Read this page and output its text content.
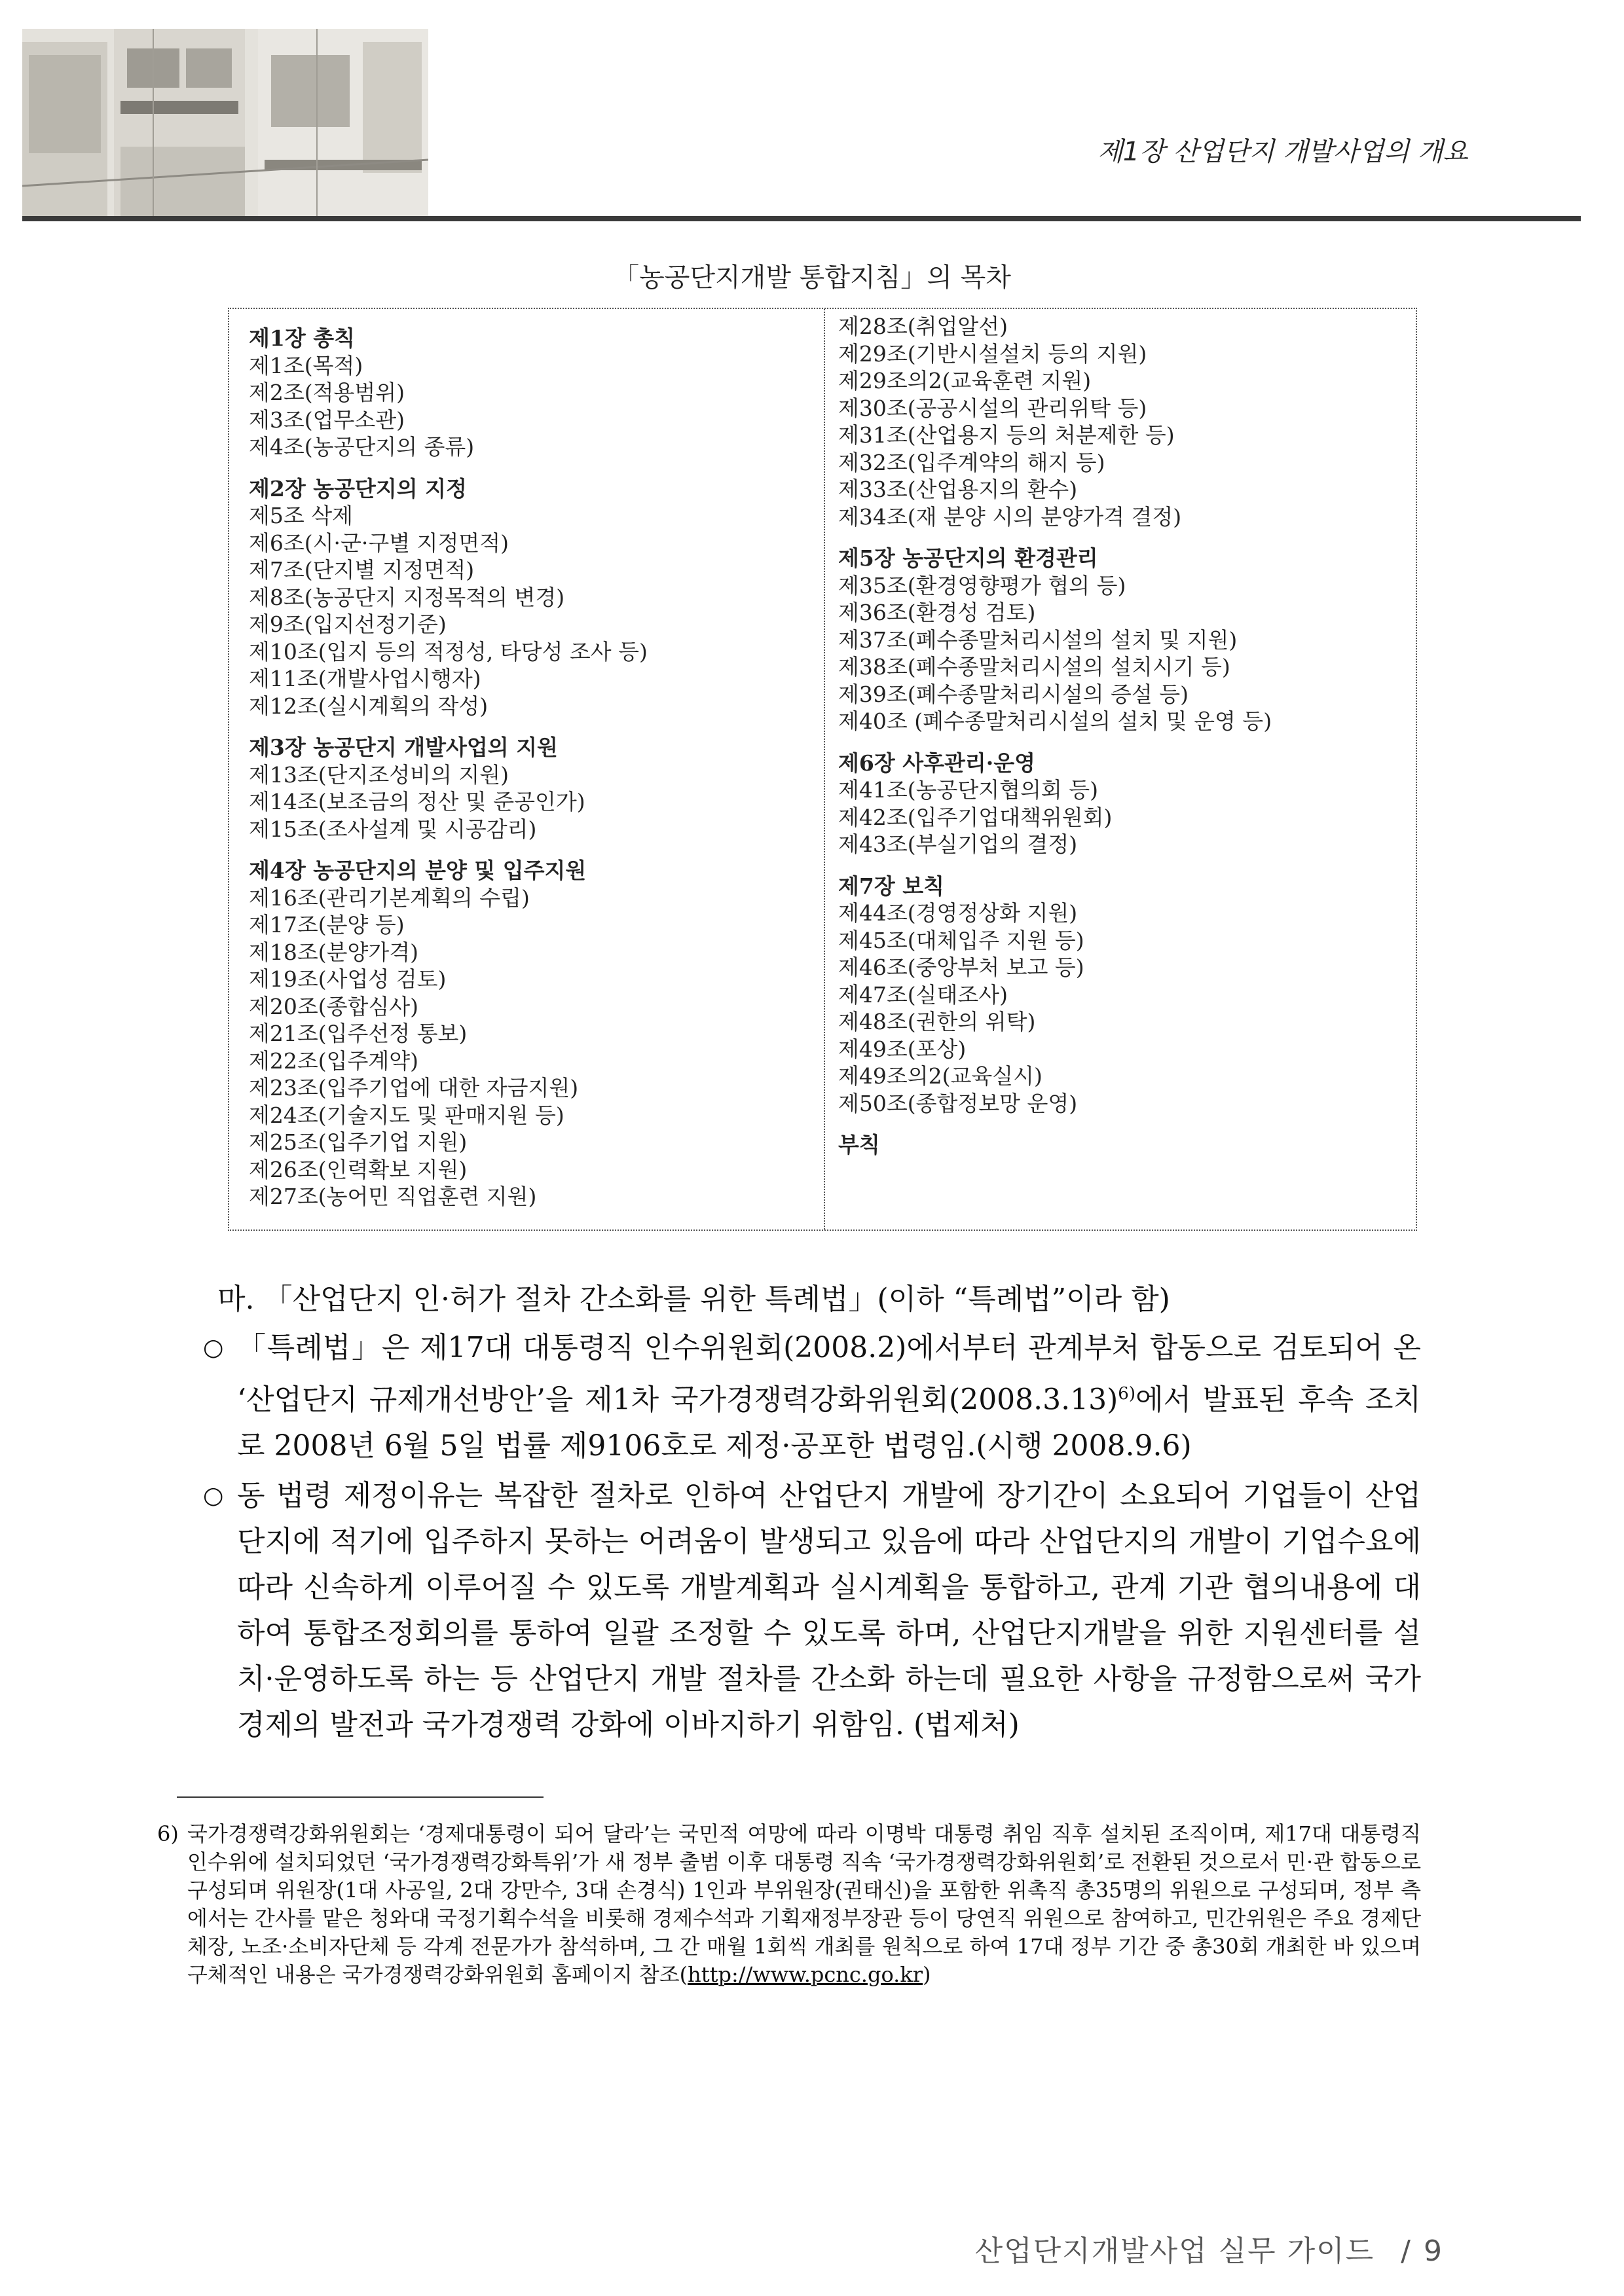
제1장 산업단지 개발사업의 개요
「농공단지개발 통합지침」의 목차
제1장 총칙
제1조(목적)
제2조(적용범위)
제3조(업무소관)
제4조(농공단지의 종류)
제2장 농공단지의 지정
제5조 삭제
제6조(시·군·구별 지정면적)
제7조(단지별 지정면적)
제8조(농공단지 지정목적의 변경)
제9조(입지선정기준)
제10조(입지 등의 적정성, 타당성 조사 등)
제11조(개발사업시행자)
제12조(실시계획의 작성)
제3장 농공단지 개발사업의 지원
제13조(단지조성비의 지원)
제14조(보조금의 정산 및 준공인가)
제15조(조사설계 및 시공감리)
제4장 농공단지의 분양 및 입주지원
제16조(관리기본계획의 수립)
제17조(분양 등)
제18조(분양가격)
제19조(사업성 검토)
제20조(종합심사)
제21조(입주선정 통보)
제22조(입주계약)
제23조(입주기업에 대한 자금지원)
제24조(기술지도 및 판매지원 등)
제25조(입주기업 지원)
제26조(인력확보 지원)
제27조(농어민 직업훈련 지원)
제28조(취업알선)
제29조(기반시설설치 등의 지원)
제29조의2(교육훈련 지원)
제30조(공공시설의 관리위탁 등)
제31조(산업용지 등의 처분제한 등)
제32조(입주계약의 해지 등)
제33조(산업용지의 환수)
제34조(재 분양 시의 분양가격 결정)
제5장 농공단지의 환경관리
제35조(환경영향평가 협의 등)
제36조(환경성 검토)
제37조(폐수종말처리시설의 설치 및 지원)
제38조(폐수종말처리시설의 설치시기 등)
제39조(폐수종말처리시설의 증설 등)
제40조 (폐수종말처리시설의 설치 및 운영 등)
제6장 사후관리·운영
제41조(농공단지협의회 등)
제42조(입주기업대책위원회)
제43조(부실기업의 결정)
제7장 보칙
제44조(경영정상화 지원)
제45조(대체입주 지원 등)
제46조(중앙부처 보고 등)
제47조(실태조사)
제48조(권한의 위탁)
제49조(포상)
제49조의2(교육실시)
제50조(종합정보망 운영)
부칙
마. 「산업단지 인·허가 절차 간소화를 위한 특례법」(이하 “특례법”이라 함)
○ 「특례법」은 제17대 대통령직 인수위원회(2008.2)에서부터 관계부처 합동으로 검토되어 온 ‘산업단지 규제개선방안’을 제1차 국가경쟁력강화위원회$(2008.3.13)^{6)}$에서 발표된 후속 조치로 2008년 6월 5일 법률 제9106호로 제정·공포한 법령임.(시행 2008.9.6)
○ 동 법령 제정이유는 복잡한 절차로 인하여 산업단지 개발에 장기간이 소요되어 기업들이 산업단지에 적기에 입주하지 못하는 어려움이 발생되고 있음에 따라 산업단지의 개발이 기업수요에 따라 신속하게 이루어질 수 있도록 개발계획과 실시계획을 통합하고, 관계 기관 협의내용에 대하여 통합조정회의를 통하여 일괄 조정할 수 있도록 하며, 산업단지개발을 위한 지원센터를 설치·운영하도록 하는 등 산업단지 개발 절차를 간소화 하는데 필요한 사항을 규정함으로써 국가경제의 발전과 국가경쟁력 강화에 이바지하기 위함임. (법제처)
6) 국가경쟁력강화위원회는 ‘경제대통령이 되어 달라’는 국민적 여망에 따라 이명박 대통령 취임 직후 설치된 조직이며, 제17대 대통령직 인수위에 설치되었던 ‘국가경쟁력강화특위’가 새 정부 출범 이후 대통령 직속 ‘국가경쟁력강화위원회’로 전환된 것으로서 민·관 합동으로 구성되며 위원장(1대 사공일, 2대 강만수, 3대 손경식) 1인과 부위원장(권태신)을 포함한 위촉직 총35명의 위원으로 구성되며, 정부 측에서는 간사를 맡은 청와대 국정기획수석을 비롯해 경제수석과 기획재정부장관 등이 당연직 위원으로 참여하고, 민간위원은 주요 경제단체장, 노조·소비자단체 등 각계 전문가가 참석하며, 그 간 매월 1회씩 개최를 원칙으로 하여 17대 정부 기간 중 총30회 개최한 바 있으며 구체적인 내용은 국가경쟁력강화위원회 홈페이지 참조(http://www.pcnc.go.kr)
산업단지개발사업 실무 가이드 / 9
